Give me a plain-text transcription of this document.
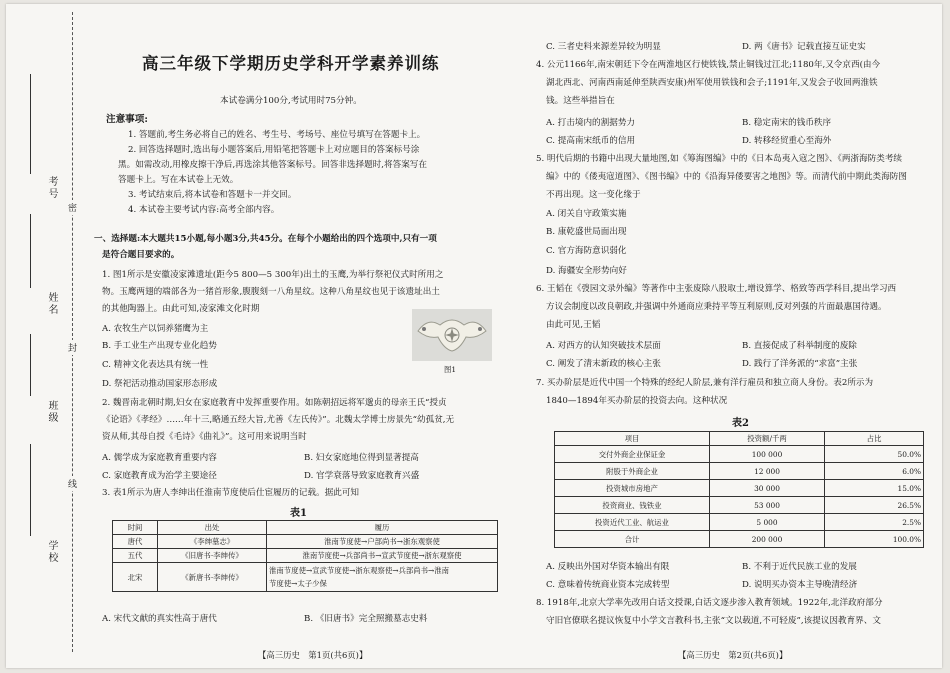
考号
姓名
班级
学校
密
封
线
高三年级下学期历史学科开学素养训练
本试卷满分100分,考试用时75分钟。
注意事项:
1. 答题前,考生务必将自己的姓名、考生号、考场号、座位号填写在答题卡上。
2. 回答选择题时,选出每小题答案后,用铅笔把答题卡上对应题目的答案标号涂
黑。如需改动,用橡皮擦干净后,再选涂其他答案标号。回答非选择题时,将答案写在
答题卡上。写在本试卷上无效。
3. 考试结束后,将本试卷和答题卡一并交回。
4. 本试卷主要考试内容:高考全部内容。
一、选择题:本大题共15小题,每小题3分,共45分。在每个小题给出的四个选项中,只有一项
是符合题目要求的。
1. 图1所示是安徽凌家滩遗址(距今5 800—5 300年)出土的玉鹰,为举行祭祀仪式时所用之
物。玉鹰两翅的端部各为一猪首形象,腹腹刻一八角星纹。这种八角星纹也见于该遗址出土
的其他陶器上。由此可知,凌家滩文化时期
A. 农牧生产以饲养猪鹰为主
B. 手工业生产出现专业化趋势
C. 精神文化表达具有统一性
D. 祭祀活动推动国家形态形成
图1
2. 魏晋南北朝时期,妇女在家庭教育中发挥重要作用。如陈朝招远将军邈贞的母亲王氏“授贞
《论语》《孝经》……年十三,略通五经大旨,尤善《左氏传》”。北魏太学博士房景先“幼孤贫,无
资从师,其母自授《毛诗》《曲礼》”。这可用来说明当时
A. 儒学成为家庭教育重要内容	B. 妇女家庭地位得到显著提高
C. 家庭教育成为治学主要途径	D. 官学衰落导致家庭教育兴盛
3. 表1所示为唐人李绅出任淮南节度使后仕宦履历的记载。据此可知
表1
时间	出处	履历
唐代	《李绅墓志》	淮南节度使→户部尚书→浙东观察使
五代	《旧唐书·李绅传》	淮南节度使→兵部尚书→宣武节度使→浙东观察使
北宋	《新唐书·李绅传》	淮南节度使→宣武节度使→浙东观察使→兵部尚书→淮南
节度使→太子少保
A. 宋代文献的真实性高于唐代	B. 《旧唐书》完全照搬墓志史料
【高三历史　第1页(共6页)】
C. 三者史料来源差异较为明显	D. 两《唐书》记载直接互证史实
4. 公元1166年,南宋朝廷下令在两淮地区行使铁钱,禁止铜钱过江北;1180年,又令京西(由今
湖北西北、河南西南延伸至陕西安康)州军使用铁钱和会子;1191年,又发会子收回两淮铁
钱。这些举措旨在
A. 打击境内的割据势力	B. 稳定南宋的钱币秩序
C. 提高南宋纸币的信用	D. 转移经贸重心至海外
5. 明代后期的书籍中出现大量地图,如《筹海图编》中的《日本岛夷入寇之图》、《两浙海防类考续
编》中的《倭夷寇道图》、《图书编》中的《沿海异倭要害之地图》等。而清代前中期此类海防图
不再出现。这一变化缘于
A. 闭关自守政策实施
B. 康乾盛世局面出现
C. 官方海防意识弱化
D. 海疆安全形势向好
6. 王韬在《弢园文录外编》等著作中主张废除八股取士,增设算学、格致等西学科目,提出学习西
方议会制度以改良朝政,并强调中外通商应秉持平等互利原则,反对列强的片面最惠国待遇。
由此可见,王韬
A. 对西方的认知突破技术层面	B. 直接促成了科举制度的废除
C. 阐发了清末新政的核心主张	D. 践行了洋务派的“求富”主张
7. 买办阶层是近代中国一个特殊的经纪人阶层,兼有洋行雇员和独立商人身份。表2所示为
1840—1894年买办阶层的投资去向。这种状况
表2
项目	投资额/千两	占比
交付外商企业保证金	100 000	50.0%
附股于外商企业	12 000	6.0%
投资城市房地产	30 000	15.0%
投资商业、钱铁业	53 000	26.5%
投资近代工业、航运业	5 000	2.5%
合计	200 000	100.0%
A. 反映出外国对华资本输出有限	B. 不利于近代民族工业的发展
C. 意味着传统商业资本完成转型	D. 说明买办资本主导晚清经济
8. 1918年,北京大学率先改用白话文授课,白话文逐步渗入教育领域。1922年,北洋政府部分
守旧官僚联名提议恢复中小学文言教科书,主张“文以载道,不可轻废”,该提议因教育界、文
【高三历史　第2页(共6页)】
